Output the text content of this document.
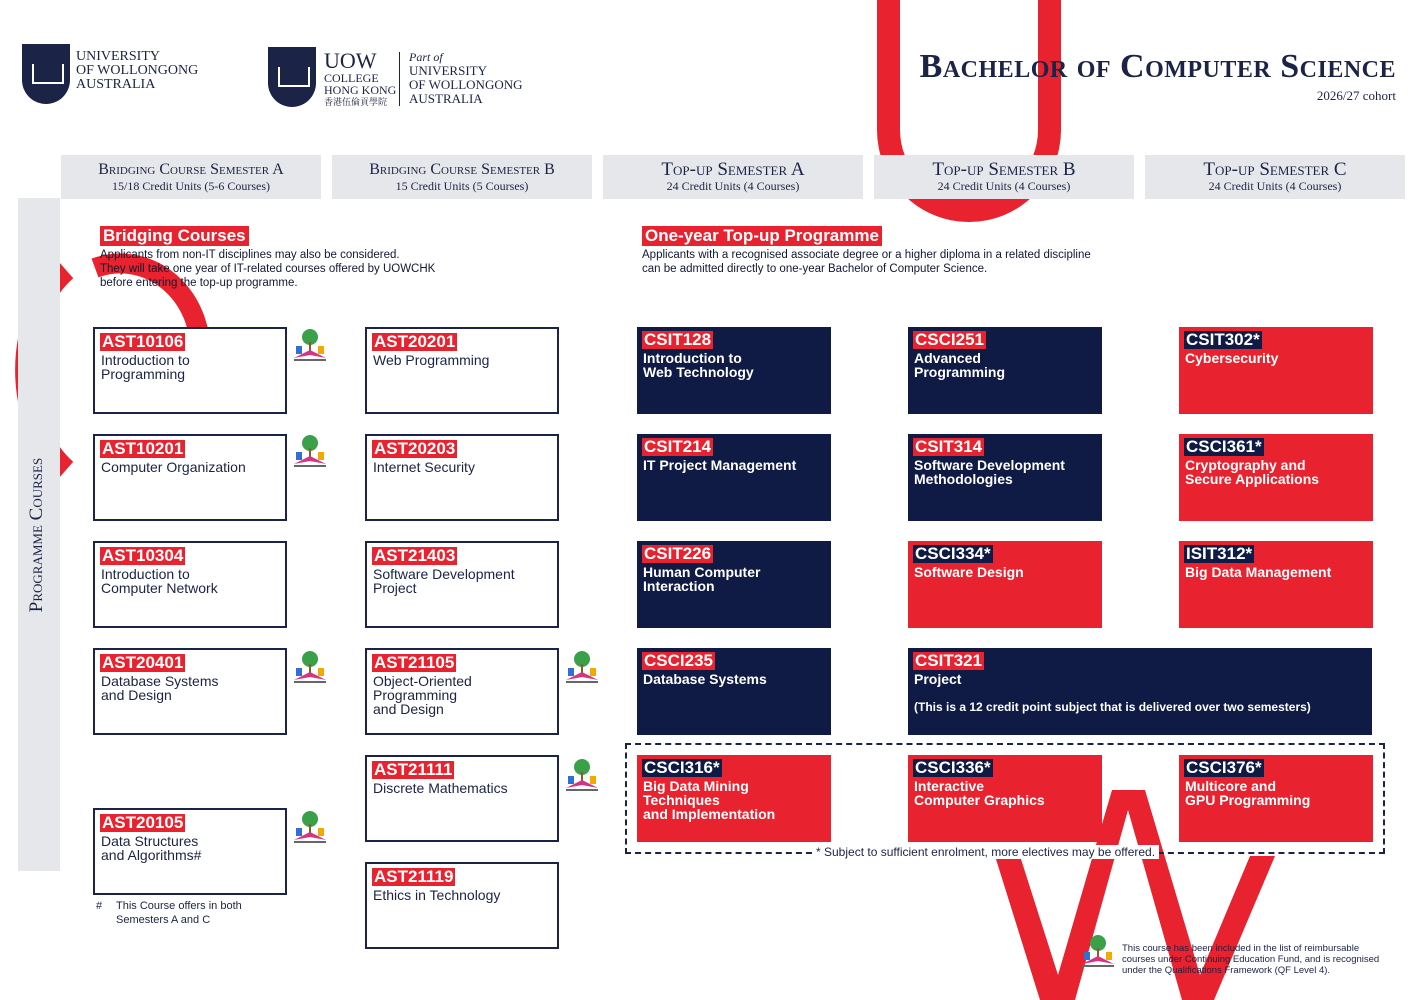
UNIVERSITY
OF WOLLONGONG
AUSTRALIA
UOW
COLLEGE
HONG KONG
香港伍倫貢學院
Part of
UNIVERSITY
OF WOLLONGONG
AUSTRALIA
Bachelor of Computer Science
2026/27 cohort
Bridging Course Semester A
15/18 Credit Units (5-6 Courses)
Bridging Course Semester B
15 Credit Units (5 Courses)
Top-up Semester A
24 Credit Units (4 Courses)
Top-up Semester B
24 Credit Units (4 Courses)
Top-up Semester C
24 Credit Units (4 Courses)
Programme Courses
Bridging Courses
Applicants from non-IT disciplines may also be considered.
They will take one year of IT-related courses offered by UOWCHK
before entering the top-up programme.
One-year Top-up Programme
Applicants with a recognised associate degree or a higher diploma in a related discipline
can be admitted directly to one-year Bachelor of Computer Science.
AST10106
Introduction to
Programming
AST10201
Computer Organization
AST10304
Introduction to
Computer Network
AST20401
Database Systems
and Design
AST20105
Data Structures
and Algorithms#
# This Course offers in both
Semesters A and C
AST20201
Web Programming
AST20203
Internet Security
AST21403
Software Development
Project
AST21105
Object-Oriented
Programming
and Design
AST21111
Discrete Mathematics
AST21119
Ethics in Technology
CSIT128
Introduction to
Web Technology
CSIT214
IT Project Management
CSIT226
Human Computer
Interaction
CSCI235
Database Systems
CSCI316*
Big Data Mining
Techniques
and Implementation
CSCI251
Advanced
Programming
CSIT314
Software Development
Methodologies
CSCI334*
Software Design
CSIT321
Project
(This is a 12 credit point subject that is delivered over two semesters)
CSCI336*
Interactive
Computer Graphics
CSIT302*
Cybersecurity
CSCI361*
Cryptography and
Secure Applications
ISIT312*
Big Data Management
CSCI376*
Multicore and
GPU Programming
* Subject to sufficient enrolment, more electives may be offered.
This course has been included in the list of reimbursable
courses under Continuing Education Fund, and is recognised
under the Qualifications Framework (QF Level 4).
